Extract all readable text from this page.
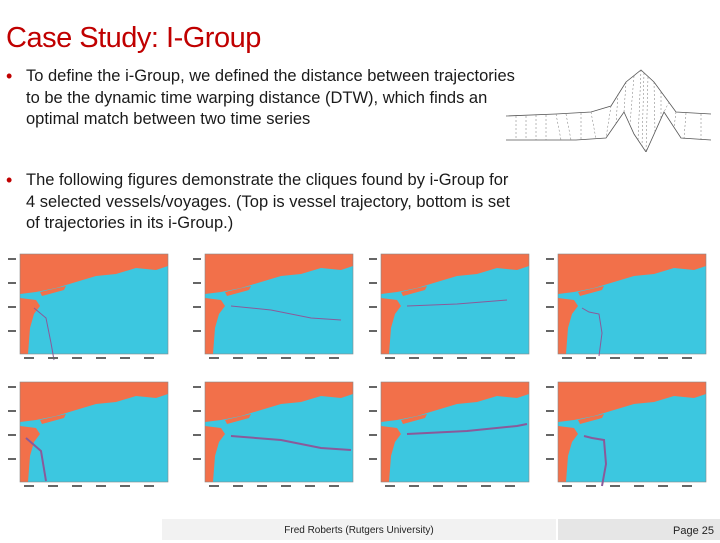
Case Study: I-Group
• To define the i-Group, we defined the distance between trajectories to be the dynamic time warping distance (DTW), which finds an optimal match between two time series
• The following figures demonstrate the cliques found by i-Group for 4 selected vessels/voyages. (Top is vessel trajectory, bottom is set of trajectories in its i-Group.)
Fred Roberts (Rutgers University)	Page 25
